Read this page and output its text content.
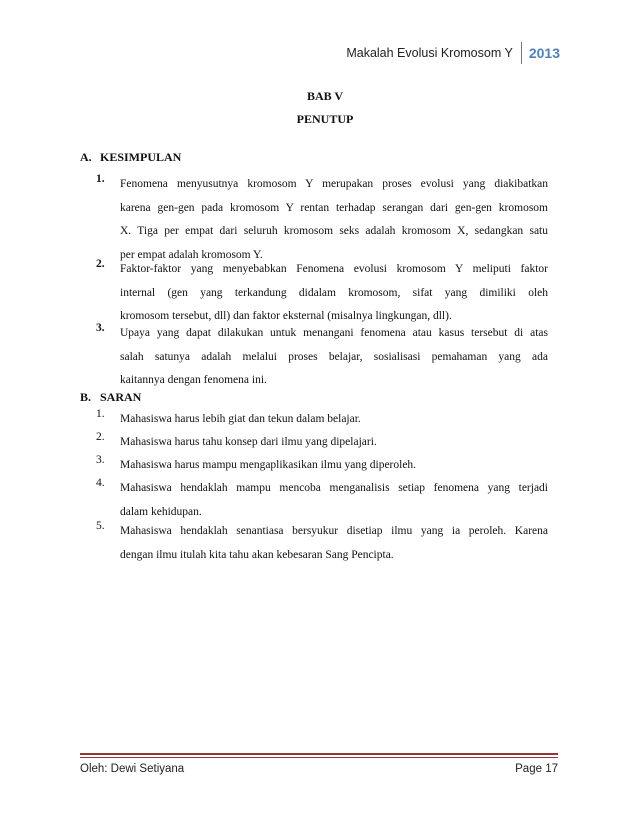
Makalah Evolusi Kromosom Y	2013
BAB V
PENUTUP
A. KESIMPULAN
1. Fenomena menyusutnya kromosom Y merupakan proses evolusi yang diakibatkan
karena gen-gen pada kromosom Y rentan terhadap serangan dari gen-gen kromosom
X. Tiga per empat dari seluruh kromosom seks adalah kromosom X, sedangkan satu
per empat adalah kromosom Y.
2. Faktor-faktor yang menyebabkan Fenomena evolusi kromosom Y meliputi faktor
internal (gen yang terkandung didalam kromosom, sifat yang dimiliki oleh
kromosom tersebut, dll) dan faktor eksternal (misalnya lingkungan, dll).
3. Upaya yang dapat dilakukan untuk menangani fenomena atau kasus tersebut di atas
salah satunya adalah melalui proses belajar, sosialisasi pemahaman yang ada
kaitannya dengan fenomena ini.
B. SARAN
1. Mahasiswa harus lebih giat dan tekun dalam belajar.
2. Mahasiswa harus tahu konsep dari ilmu yang dipelajari.
3. Mahasiswa harus mampu mengaplikasikan ilmu yang diperoleh.
4. Mahasiswa hendaklah mampu mencoba menganalisis setiap fenomena yang terjadi
dalam kehidupan.
5. Mahasiswa hendaklah senantiasa bersyukur disetiap ilmu yang ia peroleh. Karena
dengan ilmu itulah kita tahu akan kebesaran Sang Pencipta.
Oleh: Dewi Setiyana	Page 17
